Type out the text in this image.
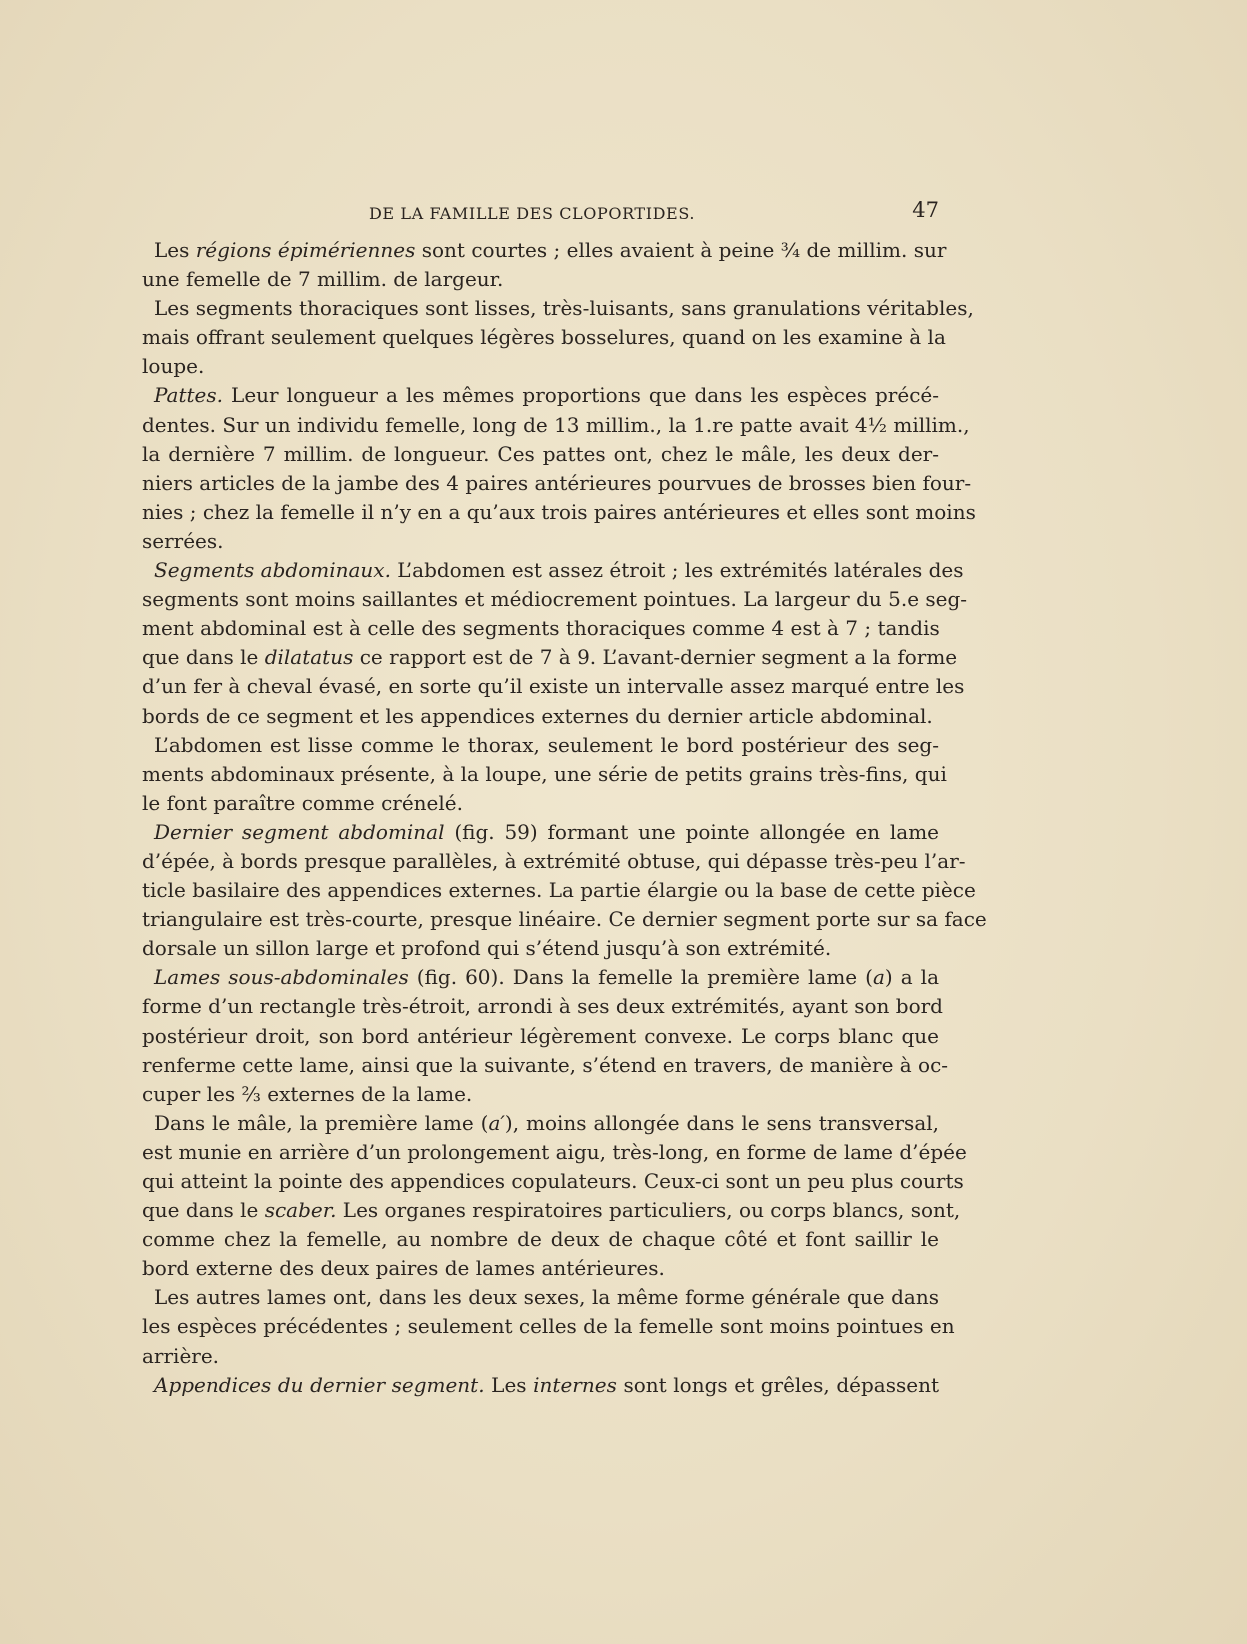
DE LA FAMILLE DES CLOPORTIDES.	47
Les régions épimériennes sont courtes ; elles avaient à peine ¾ de millim. sur
une femelle de 7 millim. de largeur.
Les segments thoraciques sont lisses, très-luisants, sans granulations véritables,
mais offrant seulement quelques légères bosselures, quand on les examine à la
loupe.
Pattes. Leur longueur a les mêmes proportions que dans les espèces précé-
dentes. Sur un individu femelle, long de 13 millim., la 1.re patte avait 4½ millim.,
la dernière 7 millim. de longueur. Ces pattes ont, chez le mâle, les deux der-
niers articles de la jambe des 4 paires antérieures pourvues de brosses bien four-
nies ; chez la femelle il n’y en a qu’aux trois paires antérieures et elles sont moins
serrées.
Segments abdominaux. L’abdomen est assez étroit ; les extrémités latérales des
segments sont moins saillantes et médiocrement pointues. La largeur du 5.e seg-
ment abdominal est à celle des segments thoraciques comme 4 est à 7 ; tandis
que dans le dilatatus ce rapport est de 7 à 9. L’avant-dernier segment a la forme
d’un fer à cheval évasé, en sorte qu’il existe un intervalle assez marqué entre les
bords de ce segment et les appendices externes du dernier article abdominal.
L’abdomen est lisse comme le thorax, seulement le bord postérieur des seg-
ments abdominaux présente, à la loupe, une série de petits grains très-fins, qui
le font paraître comme crénelé.
Dernier segment abdominal (fig. 59) formant une pointe allongée en lame
d’épée, à bords presque parallèles, à extrémité obtuse, qui dépasse très-peu l’ar-
ticle basilaire des appendices externes. La partie élargie ou la base de cette pièce
triangulaire est très-courte, presque linéaire. Ce dernier segment porte sur sa face
dorsale un sillon large et profond qui s’étend jusqu’à son extrémité.
Lames sous-abdominales (fig. 60). Dans la femelle la première lame (a) a la
forme d’un rectangle très-étroit, arrondi à ses deux extrémités, ayant son bord
postérieur droit, son bord antérieur légèrement convexe. Le corps blanc que
renferme cette lame, ainsi que la suivante, s’étend en travers, de manière à oc-
cuper les ⅔ externes de la lame.
Dans le mâle, la première lame (a′), moins allongée dans le sens transversal,
est munie en arrière d’un prolongement aigu, très-long, en forme de lame d’épée
qui atteint la pointe des appendices copulateurs. Ceux-ci sont un peu plus courts
que dans le scaber. Les organes respiratoires particuliers, ou corps blancs, sont,
comme chez la femelle, au nombre de deux de chaque côté et font saillir le
bord externe des deux paires de lames antérieures.
Les autres lames ont, dans les deux sexes, la même forme générale que dans
les espèces précédentes ; seulement celles de la femelle sont moins pointues en
arrière.
Appendices du dernier segment. Les internes sont longs et grêles, dépassent
